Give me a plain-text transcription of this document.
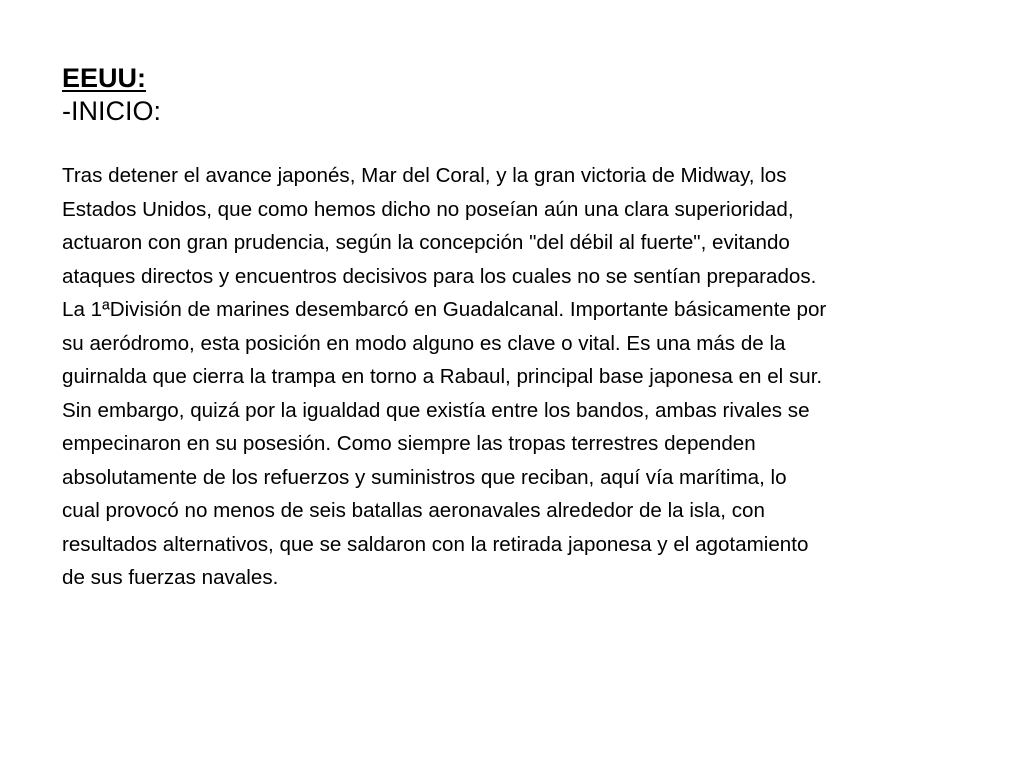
EEUU:
-INICIO:

Tras detener el avance japonés, Mar del Coral, y la gran victoria de Midway, los
Estados Unidos, que como hemos dicho no poseían aún una clara superioridad,
actuaron con gran prudencia, según la concepción "del débil al fuerte", evitando
ataques directos y encuentros decisivos para los cuales no se sentían preparados.
La 1ªDivisión de marines desembarcó en Guadalcanal. Importante básicamente por
su aeródromo, esta posición en modo alguno es clave o vital. Es una más de la
guirnalda que cierra la trampa en torno a Rabaul, principal base japonesa en el sur.
Sin embargo, quizá por la igualdad que existía entre los bandos, ambas rivales se
empecinaron en su posesión. Como siempre las tropas terrestres dependen
absolutamente de los refuerzos y suministros que reciban, aquí vía marítima, lo
cual provocó no menos de seis batallas aeronavales alrededor de la isla, con
resultados alternativos, que se saldaron con la retirada japonesa y el agotamiento
de sus fuerzas navales.
